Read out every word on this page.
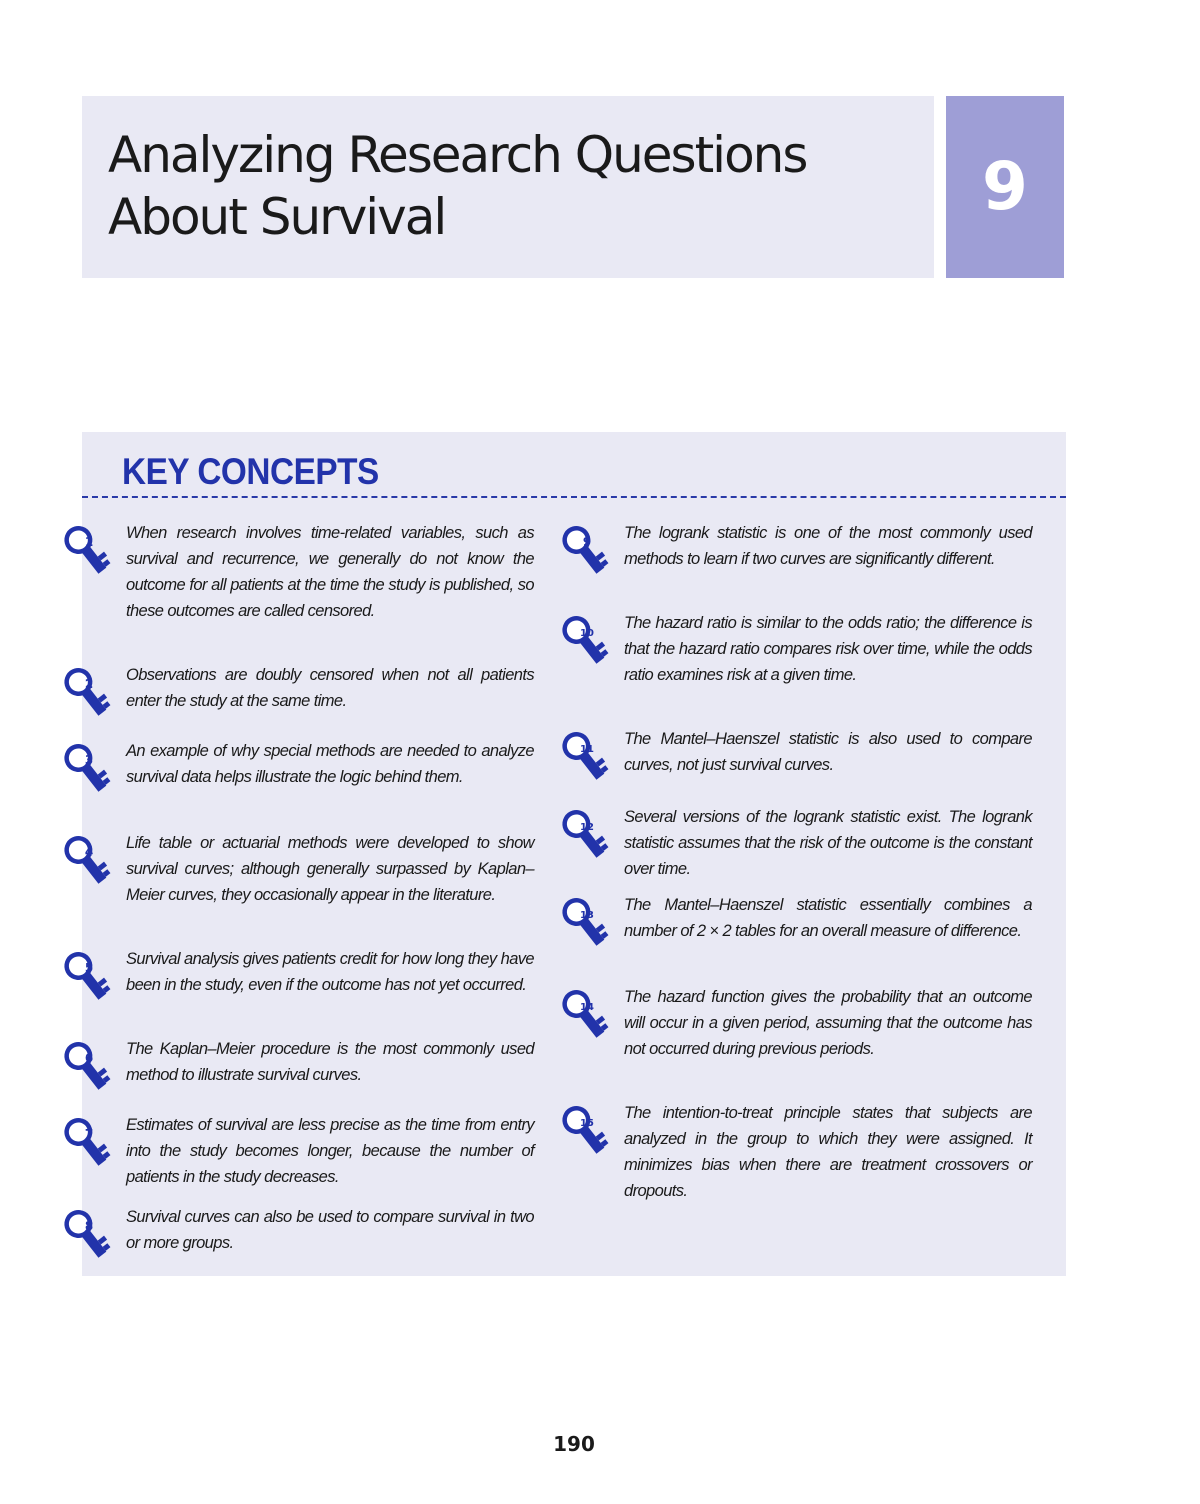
Analyzing Research Questions
About Survival	9
KEY CONCEPTS
1 When research involves time-related variables, such as survival and recurrence, we generally do not know the outcome for all patients at the time the study is published, so these outcomes are called censored.

2 Observations are doubly censored when not all patients enter the study at the same time.

3 An example of why special methods are needed to analyze survival data helps illustrate the logic behind them.

4 Life table or actuarial methods were developed to show survival curves; although generally surpassed by Kaplan–Meier curves, they occasionally appear in the literature.

5 Survival analysis gives patients credit for how long they have been in the study, even if the outcome has not yet occurred.

6 The Kaplan–Meier procedure is the most commonly used method to illustrate survival curves.

7 Estimates of survival are less precise as the time from entry into the study becomes longer, because the number of patients in the study decreases.

8 Survival curves can also be used to compare survival in two or more groups.

9 The logrank statistic is one of the most commonly used methods to learn if two curves are significantly different.

10

The hazard ratio is similar to the odds ratio; the difference is that the hazard ratio compares risk over time, while the odds ratio examines risk at a given time.

11

The Mantel–Haenszel statistic is also used to compare curves, not just survival curves.

12

Several versions of the logrank statistic exist. The logrank statistic assumes that the risk of the outcome is the constant over time.

13

The Mantel–Haenszel statistic essentially combines a number of 2 × 2 tables for an overall measure of difference.

14

The hazard function gives the probability that an outcome will occur in a given period, assuming that the outcome has not occurred during previous periods.

15

The intention-to-treat principle states that subjects are analyzed in the group to which they were assigned. It minimizes bias when there are treatment crossovers or dropouts.

190
